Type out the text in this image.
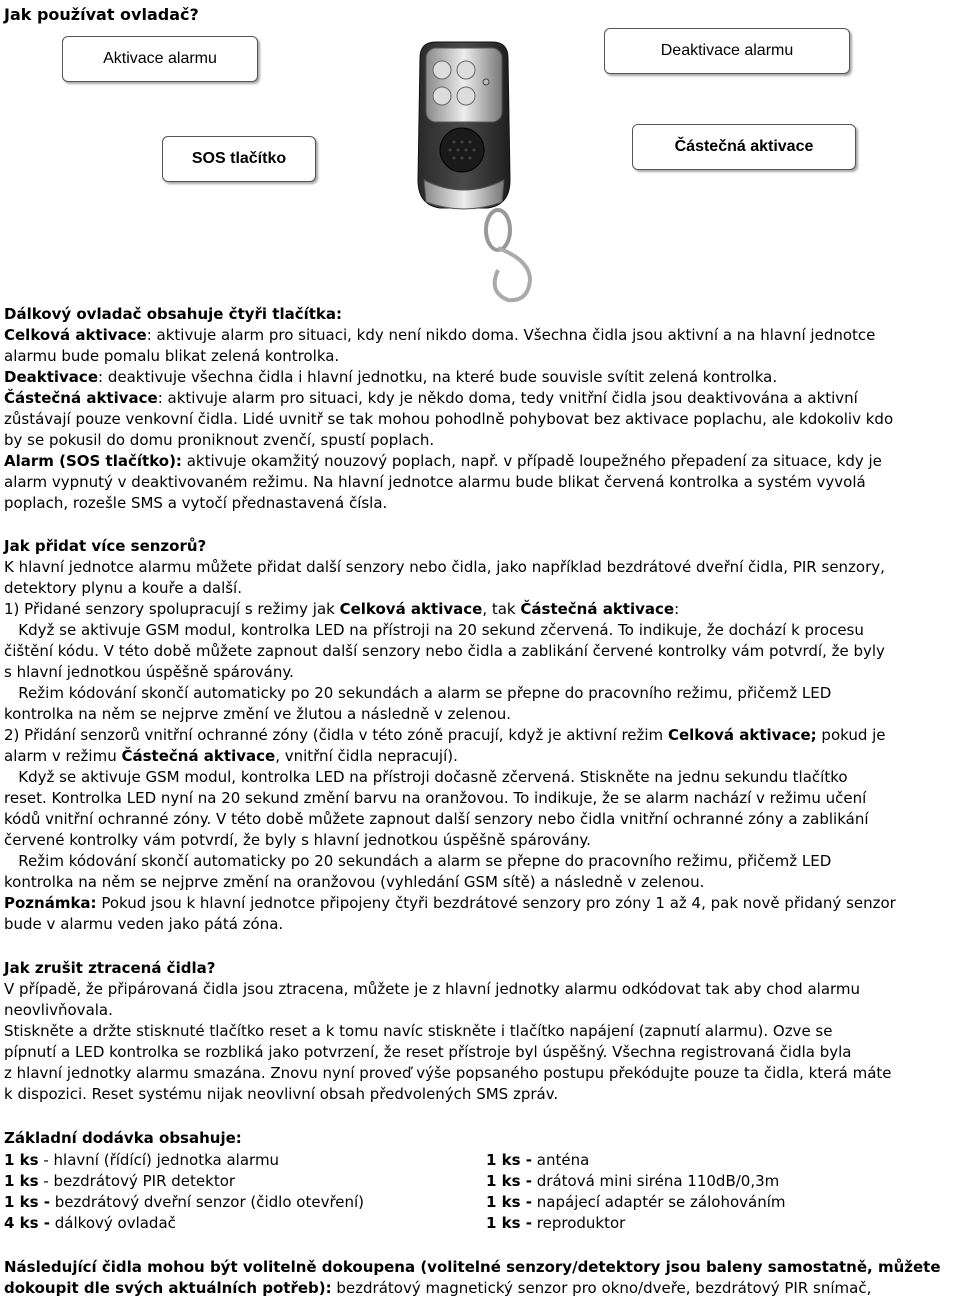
Jak používat ovladač?
Aktivace alarmu	Deaktivace alarmu
SOS tlačítko
Částečná aktivace
Dálkový ovladač obsahuje čtyři tlačítka:
Celková aktivace: aktivuje alarm pro situaci, kdy není nikdo doma. Všechna čidla jsou aktivní a na hlavní jednotce
alarmu bude pomalu blikat zelená kontrolka.
Deaktivace: deaktivuje všechna čidla i hlavní jednotku, na které bude souvisle svítit zelená kontrolka.
Částečná aktivace: aktivuje alarm pro situaci, kdy je někdo doma, tedy vnitřní čidla jsou deaktivována a aktivní
zůstávají pouze venkovní čidla. Lidé uvnitř se tak mohou pohodlně pohybovat bez aktivace poplachu, ale kdokoliv kdo
by se pokusil do domu proniknout zvenčí, spustí poplach.
Alarm (SOS tlačítko): aktivuje okamžitý nouzový poplach, např. v případě loupežného přepadení za situace, kdy je
alarm vypnutý v deaktivovaném režimu. Na hlavní jednotce alarmu bude blikat červená kontrolka a systém vyvolá
poplach, rozešle SMS a vytočí přednastavená čísla.
Jak přidat více senzorů?
K hlavní jednotce alarmu můžete přidat další senzory nebo čidla, jako například bezdrátové dveřní čidla, PIR senzory,
detektory plynu a kouře a další.
1) Přidané senzory spolupracují s režimy jak Celková aktivace, tak Částečná aktivace:
Když se aktivuje GSM modul, kontrolka LED na přístroji na 20 sekund zčervená. To indikuje, že dochází k procesu
čištění kódu. V této době můžete zapnout další senzory nebo čidla a zablikání červené kontrolky vám potvrdí, že byly
s hlavní jednotkou úspěšně spárovány.
Režim kódování skončí automaticky po 20 sekundách a alarm se přepne do pracovního režimu, přičemž LED
kontrolka na něm se nejprve změní ve žlutou a následně v zelenou.
2) Přidání senzorů vnitřní ochranné zóny (čidla v této zóně pracují, když je aktivní režim Celková aktivace; pokud je
alarm v režimu Částečná aktivace, vnitřní čidla nepracují).
Když se aktivuje GSM modul, kontrolka LED na přístroji dočasně zčervená. Stiskněte na jednu sekundu tlačítko
reset. Kontrolka LED nyní na 20 sekund změní barvu na oranžovou. To indikuje, že se alarm nachází v režimu učení
kódů vnitřní ochranné zóny. V této době můžete zapnout další senzory nebo čidla vnitřní ochranné zóny a zablikání
červené kontrolky vám potvrdí, že byly s hlavní jednotkou úspěšně spárovány.
Režim kódování skončí automaticky po 20 sekundách a alarm se přepne do pracovního režimu, přičemž LED
kontrolka na něm se nejprve změní na oranžovou (vyhledání GSM sítě) a následně v zelenou.
Poznámka: Pokud jsou k hlavní jednotce připojeny čtyři bezdrátové senzory pro zóny 1 až 4, pak nově přidaný senzor
bude v alarmu veden jako pátá zóna.
Jak zrušit ztracená čidla?
V případě, že připárovaná čidla jsou ztracena, můžete je z hlavní jednotky alarmu odkódovat tak aby chod alarmu
neovlivňovala.
Stiskněte a držte stisknuté tlačítko reset a k tomu navíc stiskněte i tlačítko napájení (zapnutí alarmu). Ozve se
pípnutí a LED kontrolka se rozbliká jako potvrzení, že reset přístroje byl úspěšný. Všechna registrovaná čidla byla
z hlavní jednotky alarmu smazána. Znovu nyní proveď výše popsaného postupu překódujte pouze ta čidla, která máte
k dispozici. Reset systému nijak neovlivní obsah předvolených SMS zpráv.
Základní dodávka obsahuje:
1 ks - hlavní (řídící) jednotka alarmu
1 ks - bezdrátový PIR detektor
1 ks - bezdrátový dveřní senzor (čidlo otevření)
4 ks - dálkový ovladač
1 ks - anténa
1 ks - drátová mini siréna 110dB/0,3m
1 ks - napájecí adaptér se zálohováním
1 ks - reproduktor
Následující čidla mohou být volitelně dokoupena (volitelné senzory/detektory jsou baleny samostatně, můžete
dokoupit dle svých aktuálních potřeb): bezdrátový magnetický senzor pro okno/dveře, bezdrátový PIR snímač,
